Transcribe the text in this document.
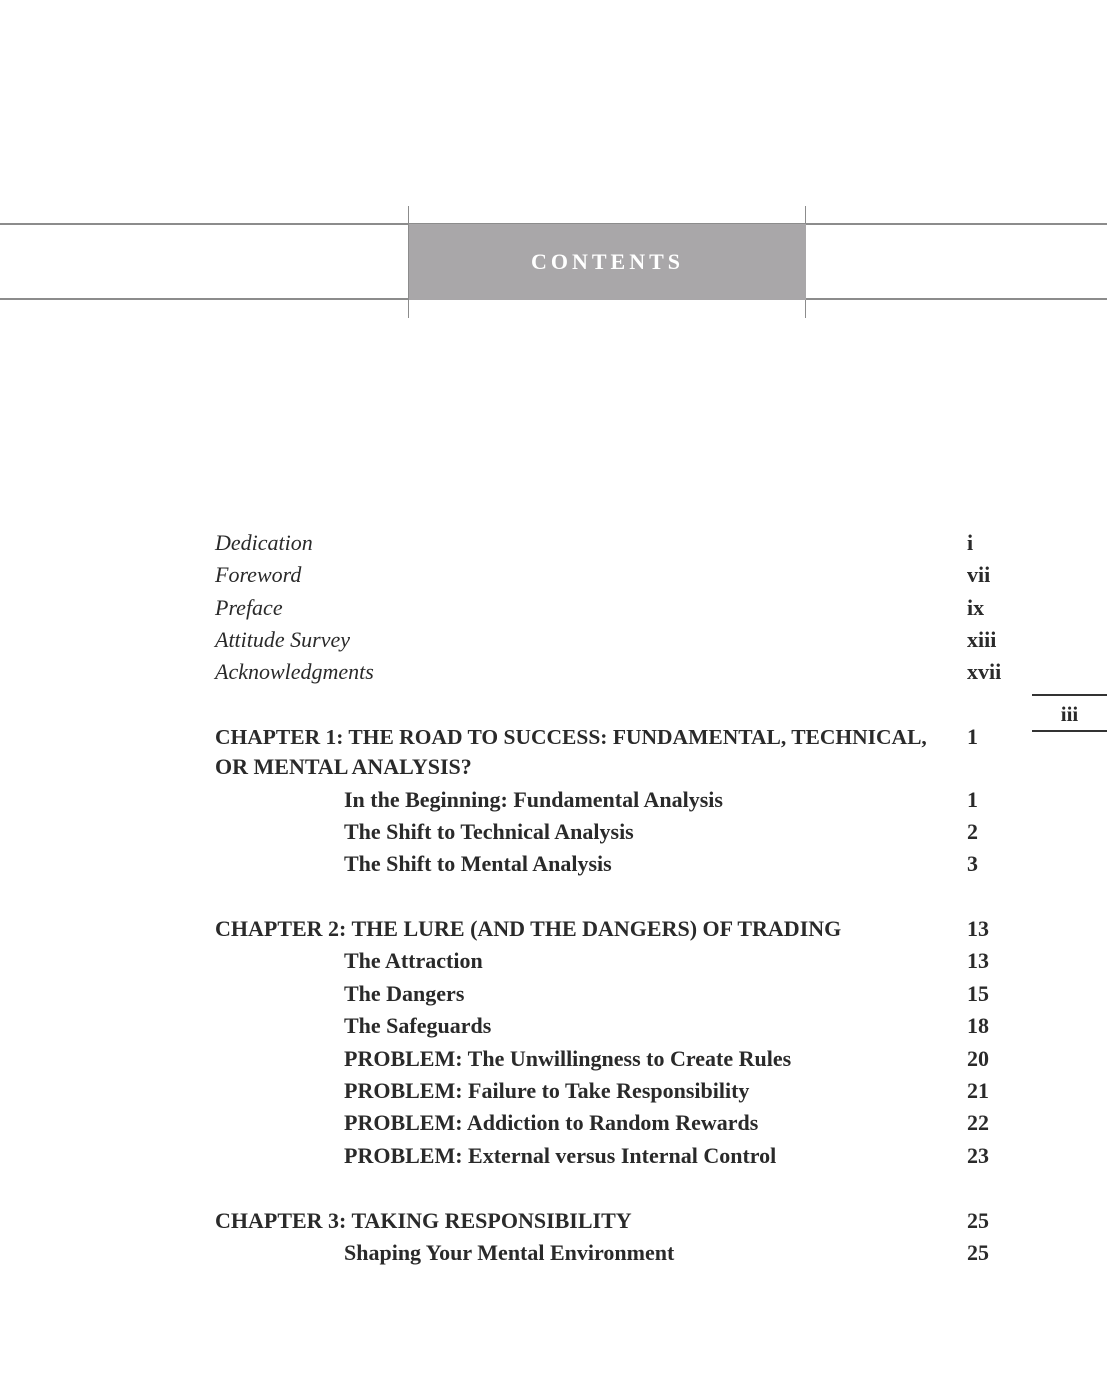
CONTENTS
iii
Dedication	i
Foreword	vii
Preface	ix
Attitude Survey	xiii
Acknowledgments	xvii
CHAPTER 1: THE ROAD TO SUCCESS: FUNDAMENTAL, TECHNICAL, 1
OR MENTAL ANALYSIS?
In the Beginning: Fundamental Analysis	1
The Shift to Technical Analysis	2
The Shift to Mental Analysis	3
CHAPTER 2: THE LURE (AND THE DANGERS) OF TRADING	13
The Attraction	13
The Dangers	15
The Safeguards	18
PROBLEM: The Unwillingness to Create Rules	20
PROBLEM: Failure to Take Responsibility	21
PROBLEM: Addiction to Random Rewards	22
PROBLEM: External versus Internal Control	23
CHAPTER 3: TAKING RESPONSIBILITY	25
Shaping Your Mental Environment	25
